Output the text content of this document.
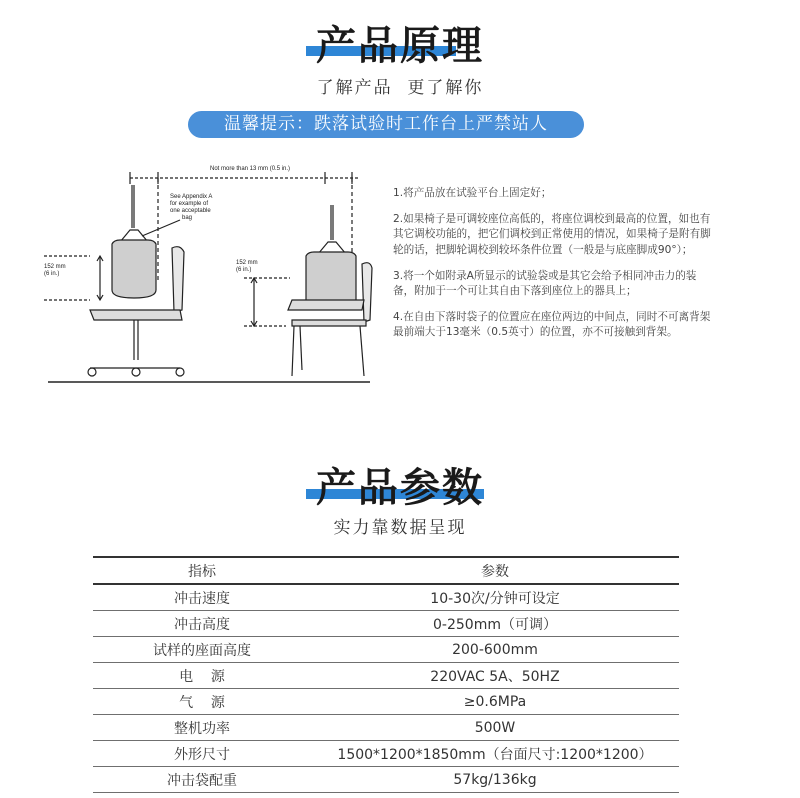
产品原理
了解产品  更了解你
温馨提示：跌落试验时工作台上严禁站人
Not more than 13 mm (0.5 in.)
See Appendix A
for example of
one acceptable
bag
152 mm
(6 in.)
152 mm
(6 in.)

1.将产品放在试验平台上固定好；

2.如果椅子是可调较座位高低的，将座位调校到最高的位置，如也有其它调校功能的，把它们调校到正常使用的情况，如果椅子是附有脚轮的话，把脚轮调校到较坏条件位置（一般是与底座脚成90°）；

3.将一个如附录A所显示的试验袋或是其它会给予相同冲击力的装备，附加于一个可让其自由下落到座位上的器具上；

4.在自由下落时袋子的位置应在座位两边的中间点，同时不可离背架最前端大于13毫米（0.5英寸）的位置，亦不可接触到背架。

产品参数
实力靠数据呈现
指标	参数
冲击速度	10-30次/分钟可设定
冲击高度	0-250mm（可调）
试样的座面高度	200-600mm
电    源	220VAC 5A、50HZ
气    源	≥0.6MPa
整机功率	500W
外形尺寸	1500*1200*1850mm（台面尺寸:1200*1200）
冲击袋配重	57kg/136kg
